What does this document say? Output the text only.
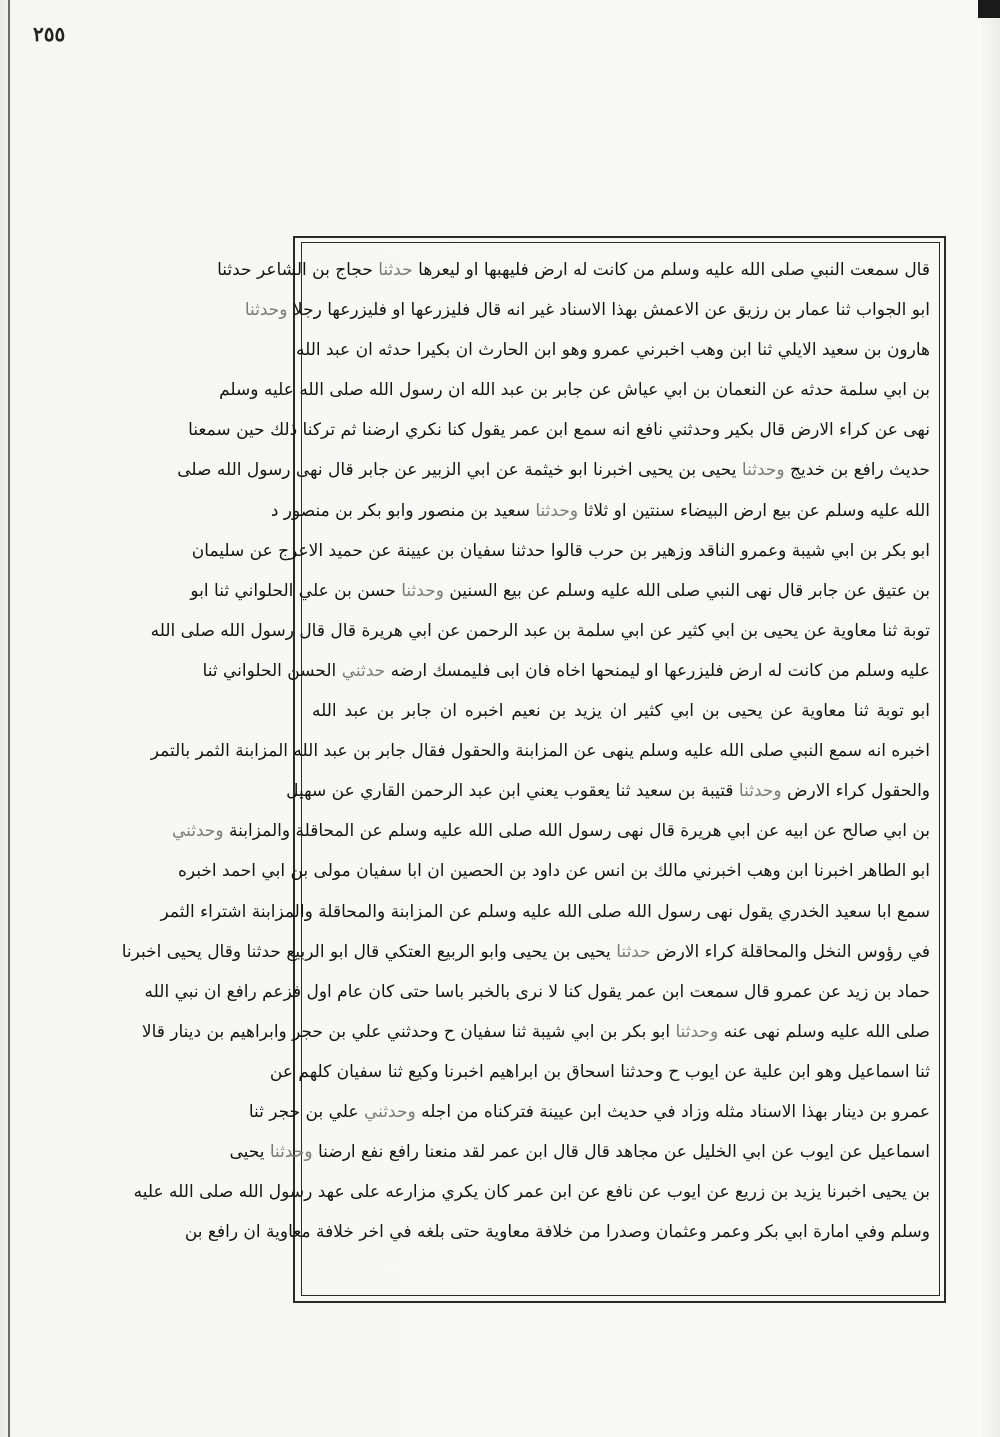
٢٥٥
قال سمعت النبي صلى الله عليه وسلم من كانت له ارض فليهبها او ليعرها حدثنا حجاج بن الشاعر حدثنا
ابو الجواب ثنا عمار بن رزيق عن الاعمش بهذا الاسناد غير انه قال فليزرعها او فليزرعها رجلا وحدثنا
هارون بن سعيد الايلي ثنا ابن وهب اخبرني عمرو وهو ابن الحارث ان بكيرا حدثه ان عبد الله
بن ابي سلمة حدثه عن النعمان بن ابي عياش عن جابر بن عبد الله ان رسول الله صلى الله عليه وسلم
نهى عن كراء الارض قال بكير وحدثني نافع انه سمع ابن عمر يقول كنا نكري ارضنا ثم تركنا ذلك حين سمعنا
حديث رافع بن خديج وحدثنا يحيى بن يحيى اخبرنا ابو خيثمة عن ابي الزبير عن جابر قال نهى رسول الله صلى
الله عليه وسلم عن بيع ارض البيضاء سنتين او ثلاثا وحدثنا سعيد بن منصور وابو بكر بن منصور د
ابو بكر بن ابي شيبة وعمرو الناقد وزهير بن حرب قالوا حدثنا سفيان بن عيينة عن حميد الاعرج عن سليمان
بن عتيق عن جابر قال نهى النبي صلى الله عليه وسلم عن بيع السنين وحدثنا حسن بن علي الحلواني ثنا ابو
توبة ثنا معاوية عن يحيى بن ابي كثير عن ابي سلمة بن عبد الرحمن عن ابي هريرة قال قال رسول الله صلى الله
عليه وسلم من كانت له ارض فليزرعها او ليمنحها اخاه فان ابى فليمسك ارضه حدثني الحسن الحلواني ثنا
ابو توبة ثنا معاوية عن يحيى بن ابي كثير ان يزيد بن نعيم اخبره ان جابر بن عبد الله
اخبره انه سمع النبي صلى الله عليه وسلم ينهى عن المزابنة والحقول فقال جابر بن عبد الله المزابنة الثمر بالتمر
والحقول كراء الارض وحدثنا قتيبة بن سعيد ثنا يعقوب يعني ابن عبد الرحمن القاري عن سهيل
بن ابي صالح عن ابيه عن ابي هريرة قال نهى رسول الله صلى الله عليه وسلم عن المحاقلة والمزابنة وحدثني
ابو الطاهر اخبرنا ابن وهب اخبرني مالك بن انس عن داود بن الحصين ان ابا سفيان مولى بن ابي احمد اخبره
سمع ابا سعيد الخدري يقول نهى رسول الله صلى الله عليه وسلم عن المزابنة والمحاقلة والمزابنة اشتراء الثمر
في رؤوس النخل والمحاقلة كراء الارض حدثنا يحيى بن يحيى وابو الربيع العتكي قال ابو الربيع حدثنا وقال يحيى اخبرنا
حماد بن زيد عن عمرو قال سمعت ابن عمر يقول كنا لا نرى بالخبر باسا حتى كان عام اول فزعم رافع ان نبي الله
صلى الله عليه وسلم نهى عنه وحدثنا ابو بكر بن ابي شيبة ثنا سفيان ح وحدثني علي بن حجر وابراهيم بن دينار قالا
ثنا اسماعيل وهو ابن علية عن ايوب ح وحدثنا اسحاق بن ابراهيم اخبرنا وكيع ثنا سفيان كلهم عن
عمرو بن دينار بهذا الاسناد مثله وزاد في حديث ابن عيينة فتركناه من اجله وحدثني علي بن حجر ثنا
اسماعيل عن ايوب عن ابي الخليل عن مجاهد قال قال ابن عمر لقد منعنا رافع نفع ارضنا وحدثنا يحيى
بن يحيى اخبرنا يزيد بن زريع عن ايوب عن نافع عن ابن عمر كان يكري مزارعه على عهد رسول الله صلى الله عليه
وسلم وفي امارة ابي بكر وعمر وعثمان وصدرا من خلافة معاوية حتى بلغه في اخر خلافة معاوية ان رافع بن
